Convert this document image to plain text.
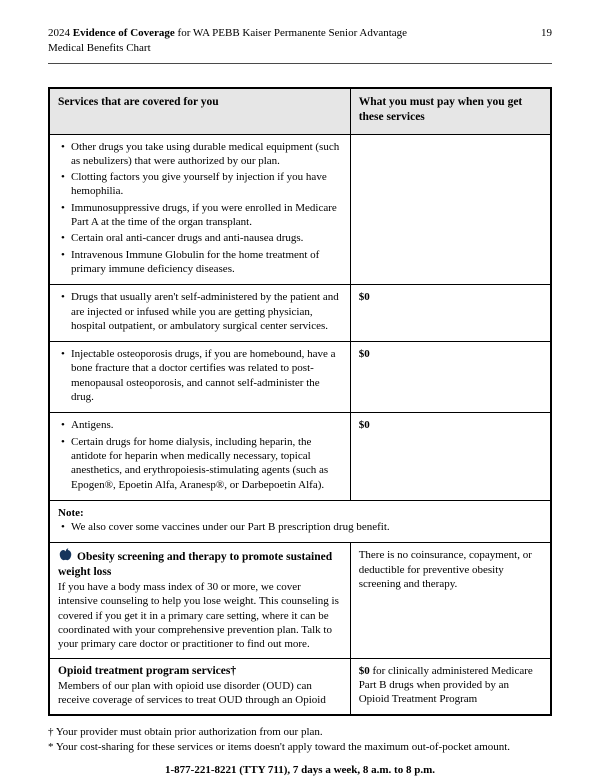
2024 Evidence of Coverage for WA PEBB Kaiser Permanente Senior Advantage
Medical Benefits Chart
19
Services that are covered for you	What you must pay when you get these services

• Other drugs you take using durable medical equipment (such as nebulizers) that were authorized by our plan.
• Clotting factors you give yourself by injection if you have hemophilia.
• Immunosuppressive drugs, if you were enrolled in Medicare Part A at the time of the organ transplant.
• Certain oral anti-cancer drugs and anti-nausea drugs.
• Intravenous Immune Globulin for the home treatment of primary immune deficiency diseases.

• Drugs that usually aren't self-administered by the patient and are injected or infused while you are getting physician, hospital outpatient, or ambulatory surgical center services.
	$0

• Injectable osteoporosis drugs, if you are homebound, have a bone fracture that a doctor certifies was related to post-menopausal osteoporosis, and cannot self-administer the drug.
	$0

• Antigens.
• Certain drugs for home dialysis, including heparin, the antidote for heparin when medically necessary, topical anesthetics, and erythropoiesis-stimulating agents (such as Epogen®, Epoetin Alfa, Aranesp®, or Darbepoetin Alfa).
	$0

Note:
• We also cover some vaccines under our Part B prescription drug benefit.

Obesity screening and therapy to promote sustained weight loss
If you have a body mass index of 30 or more, we cover intensive counseling to help you lose weight. This counseling is covered if you get it in a primary care setting, where it can be coordinated with your comprehensive prevention plan. Talk to your primary care doctor or practitioner to find out more.	There is no coinsurance, copayment, or deductible for preventive obesity screening and therapy.

Opioid treatment program services†
Members of our plan with opioid use disorder (OUD) can receive coverage of services to treat OUD through an Opioid	$0 for clinically administered Medicare Part B drugs when provided by an Opioid Treatment Program
† Your provider must obtain prior authorization from our plan.
* Your cost-sharing for these services or items doesn't apply toward the maximum out-of-pocket amount.
1-877-221-8221 (TTY 711), 7 days a week, 8 a.m. to 8 p.m.
